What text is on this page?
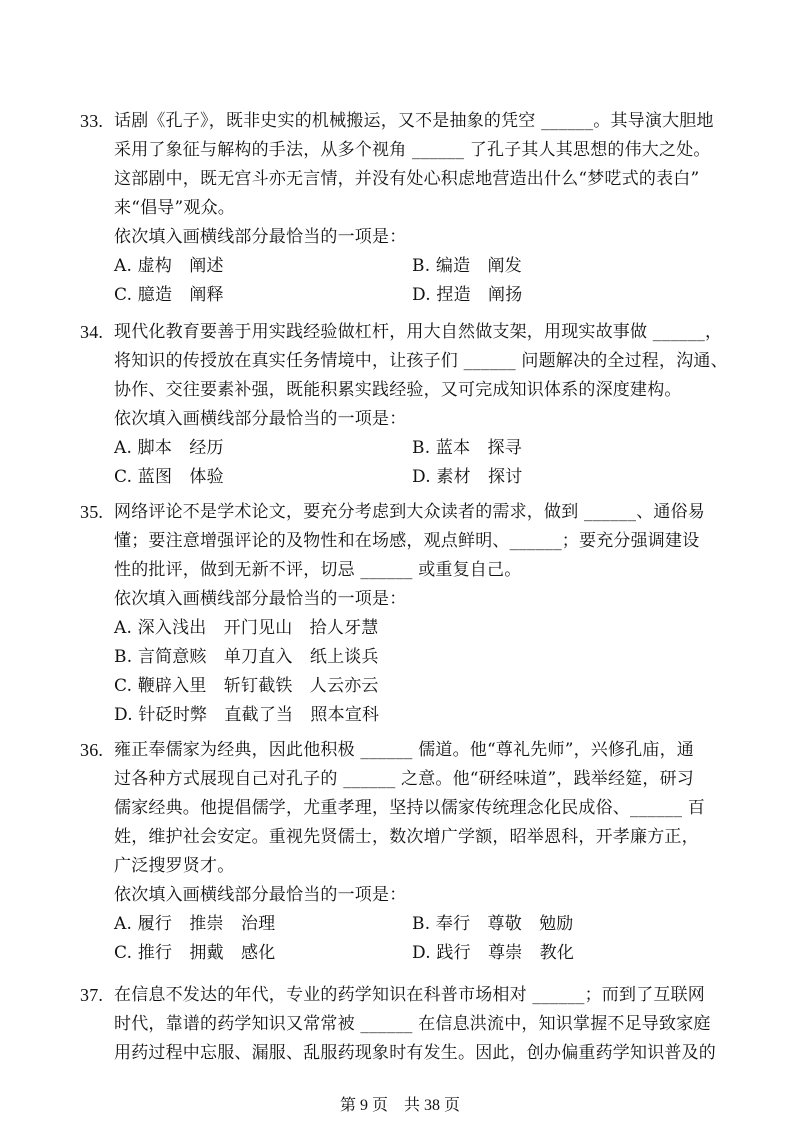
33. 话剧《孔子》，既非史实的机械搬运，又不是抽象的凭空 ______。其导演大胆地
采用了象征与解构的手法，从多个视角 ______ 了孔子其人其思想的伟大之处。
这部剧中，既无宫斗亦无言情，并没有处心积虑地营造出什么“梦呓式的表白”
来“倡导”观众。
依次填入画横线部分最恰当的一项是：
A. 虚构　阐述	B. 编造　阐发
C. 臆造　阐释	D. 捏造　阐扬
34. 现代化教育要善于用实践经验做杠杆，用大自然做支架，用现实故事做 ______，
将知识的传授放在真实任务情境中，让孩子们 ______ 问题解决的全过程，沟通、
协作、交往要素补强，既能积累实践经验，又可完成知识体系的深度建构。
依次填入画横线部分最恰当的一项是：
A. 脚本　经历	B. 蓝本　探寻
C. 蓝图　体验	D. 素材　探讨
35. 网络评论不是学术论文，要充分考虑到大众读者的需求，做到 ______、通俗易
懂；要注意增强评论的及物性和在场感，观点鲜明、______；要充分强调建设
性的批评，做到无新不评，切忌 ______ 或重复自己。
依次填入画横线部分最恰当的一项是：
A. 深入浅出　开门见山　拾人牙慧
B. 言简意赅　单刀直入　纸上谈兵
C. 鞭辟入里　斩钉截铁　人云亦云
D. 针砭时弊　直截了当　照本宣科
36. 雍正奉儒家为经典，因此他积极 ______ 儒道。他“尊礼先师”，兴修孔庙，通
过各种方式展现自己对孔子的 ______ 之意。他“研经味道”，践举经筵，研习
儒家经典。他提倡儒学，尤重孝理，坚持以儒家传统理念化民成俗、______ 百
姓，维护社会安定。重视先贤儒士，数次增广学额，昭举恩科，开孝廉方正，
广泛搜罗贤才。
依次填入画横线部分最恰当的一项是：
A. 履行　推崇　治理	B. 奉行　尊敬　勉励
C. 推行　拥戴　感化	D. 践行　尊崇　教化
37. 在信息不发达的年代，专业的药学知识在科普市场相对 ______；而到了互联网
时代，靠谱的药学知识又常常被 ______ 在信息洪流中，知识掌握不足导致家庭
用药过程中忘服、漏服、乱服药现象时有发生。因此，创办偏重药学知识普及的
第 9 页　共 38 页
